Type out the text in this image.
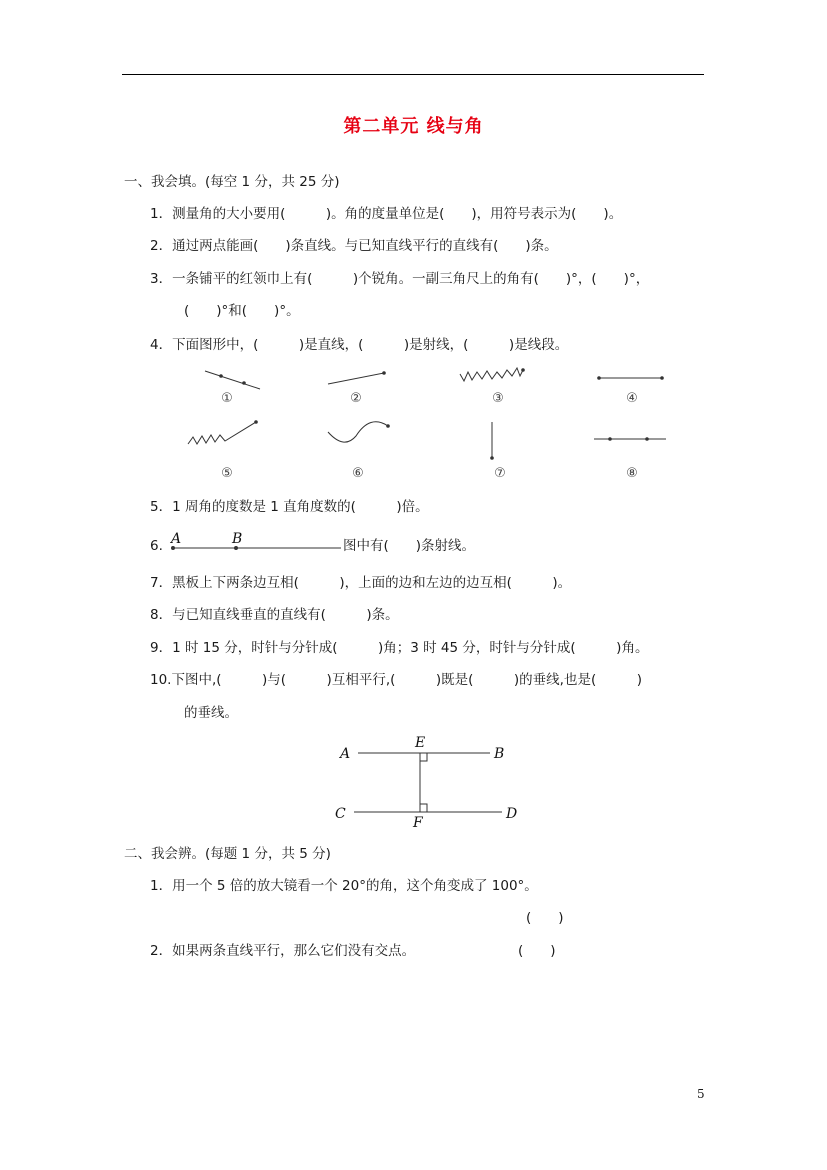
第二单元 线与角
一、我会填。(每空 1 分，共 25 分)
1．测量角的大小要用(　　　)。角的度量单位是(　　)，用符号表示为(　　)。
2．通过两点能画(　　)条直线。与已知直线平行的直线有(　　)条。
3．一条铺平的红领巾上有(　　　)个锐角。一副三角尺上的角有(　　)°，(　　)°，
(　　)°和(　　)°。
4．下面图形中，(　　　)是直线，(　　　)是射线，(　　　)是线段。
①	②	③	④
⑤	⑥	⑦	⑧
5．1 周角的度数是 1 直角度数的(　　　)倍。
6. A	B	图中有(　　)条射线。
7．黑板上下两条边互相(　　　)，上面的边和左边的边互相(　　　)。
8．与已知直线垂直的直线有(　　　)条。
9．1 时 15 分，时针与分针成(　　　)角；3 时 45 分，时针与分针成(　　　)角。
10.下图中,(　　　)与(　　　)互相平行,(　　　)既是(　　　)的垂线,也是(　　　)
的垂线。
A	B
C	D
E
F
二、我会辨。(每题 1 分，共 5 分)
1．用一个 5 倍的放大镜看一个 20°的角，这个角变成了 100°。
(　　)
2．如果两条直线平行，那么它们没有交点。	(　　)
5
